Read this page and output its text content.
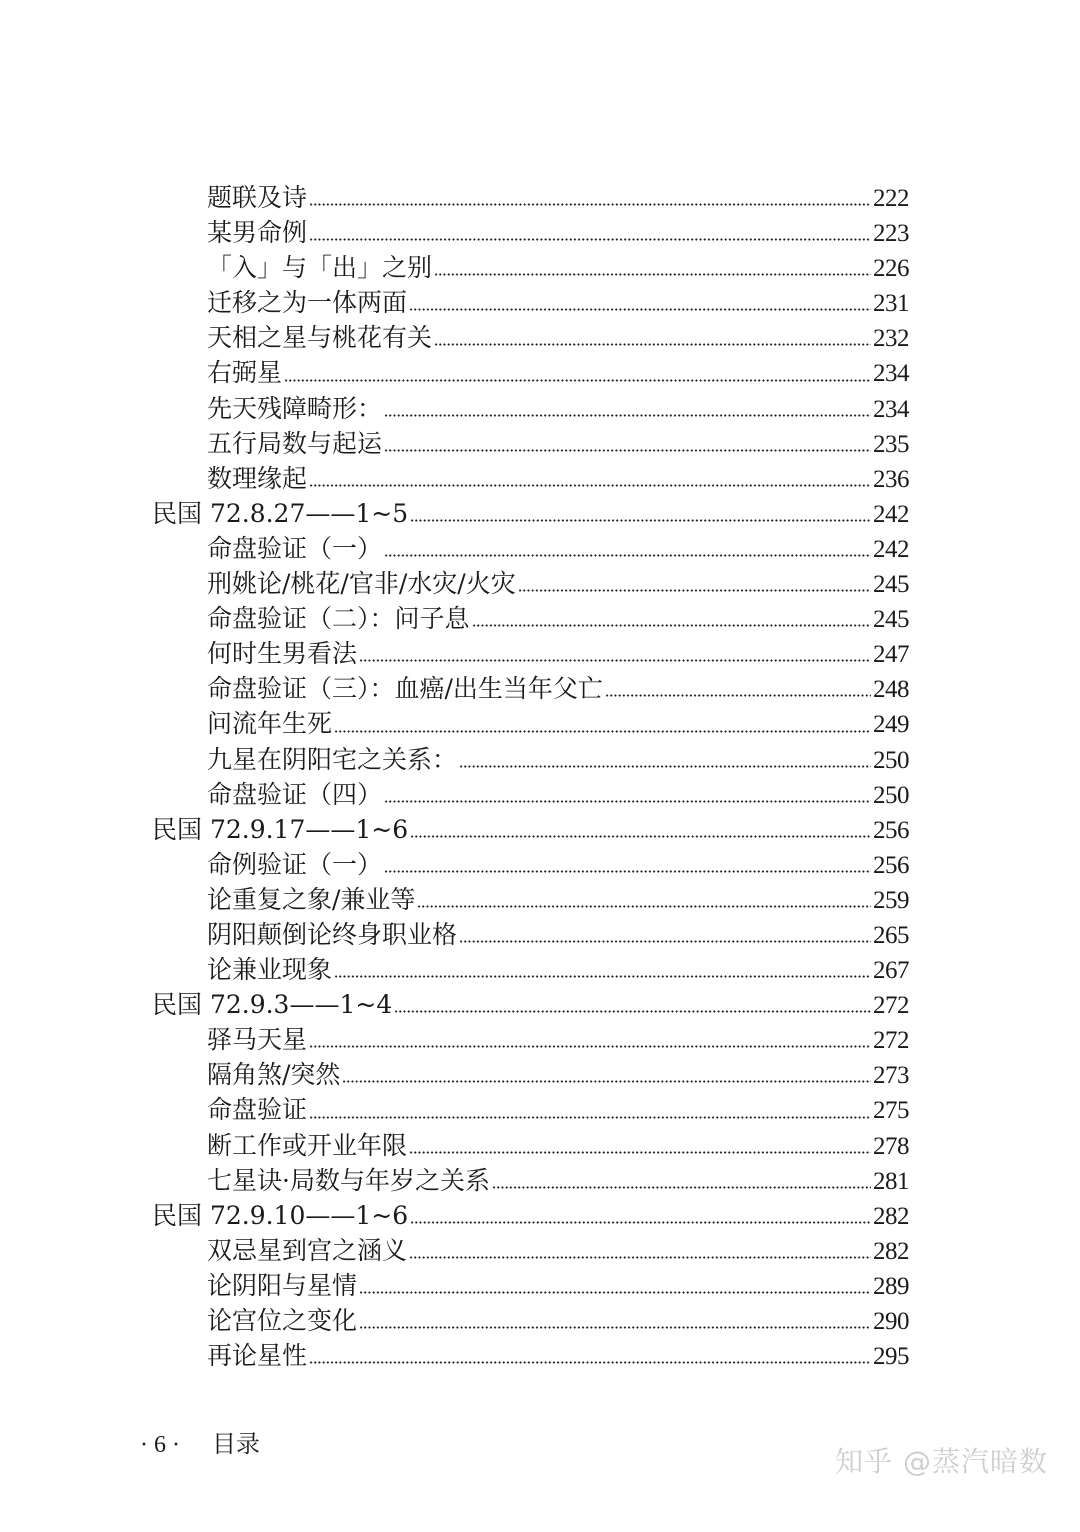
题联及诗	222
某男命例	223
「入」与「出」之别	226
迁移之为一体两面	231
天相之星与桃花有关	232
右弼星	234
先天残障畸形：	234
五行局数与起运	235
数理缘起	236
民国 72.8.27——1~5	242
命盘验证（一）	242
刑姚论/桃花/官非/水灾/火灾	245
命盘验证（二）：问子息	245
何时生男看法	247
命盘验证（三）：血癌/出生当年父亡	248
问流年生死	249
九星在阴阳宅之关系：	250
命盘验证（四）	250
民国 72.9.17——1~6	256
命例验证（一）	256
论重复之象/兼业等	259
阴阳颠倒论终身职业格	265
论兼业现象	267
民国 72.9.3——1~4	272
驿马天星	272
隔角煞/突然	273
命盘验证	275
断工作或开业年限	278
七星诀·局数与年岁之关系	281
民国 72.9.10——1~6	282
双忌星到宫之涵义	282
论阴阳与星情	289
论宫位之变化	290
再论星性	295
· 6 · 目录
知乎 @蒸汽暗数
